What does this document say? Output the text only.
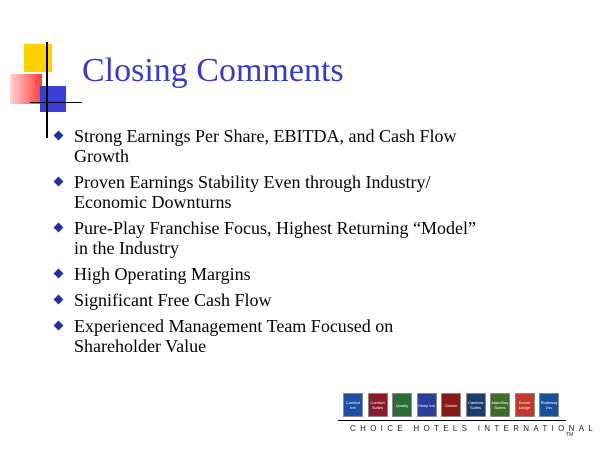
Closing Comments
Strong Earnings Per Share, EBITDA, and Cash Flow
Growth
Proven Earnings Stability Even through Industry/
Economic Downturns
Pure-Play Franchise Focus, Highest Returning “Model”
in the Industry
High Operating Margins
Significant Free Cash Flow
Experienced Management Team Focused on
Shareholder Value
Comfort Inn
Comfort Suites	Quality	Sleep Inn	Clarion	Cambria Suites
MainStay Suites
Econo Lodge
Rodeway Inn
CHOICE HOTELS INTERNATIONAL
TM
